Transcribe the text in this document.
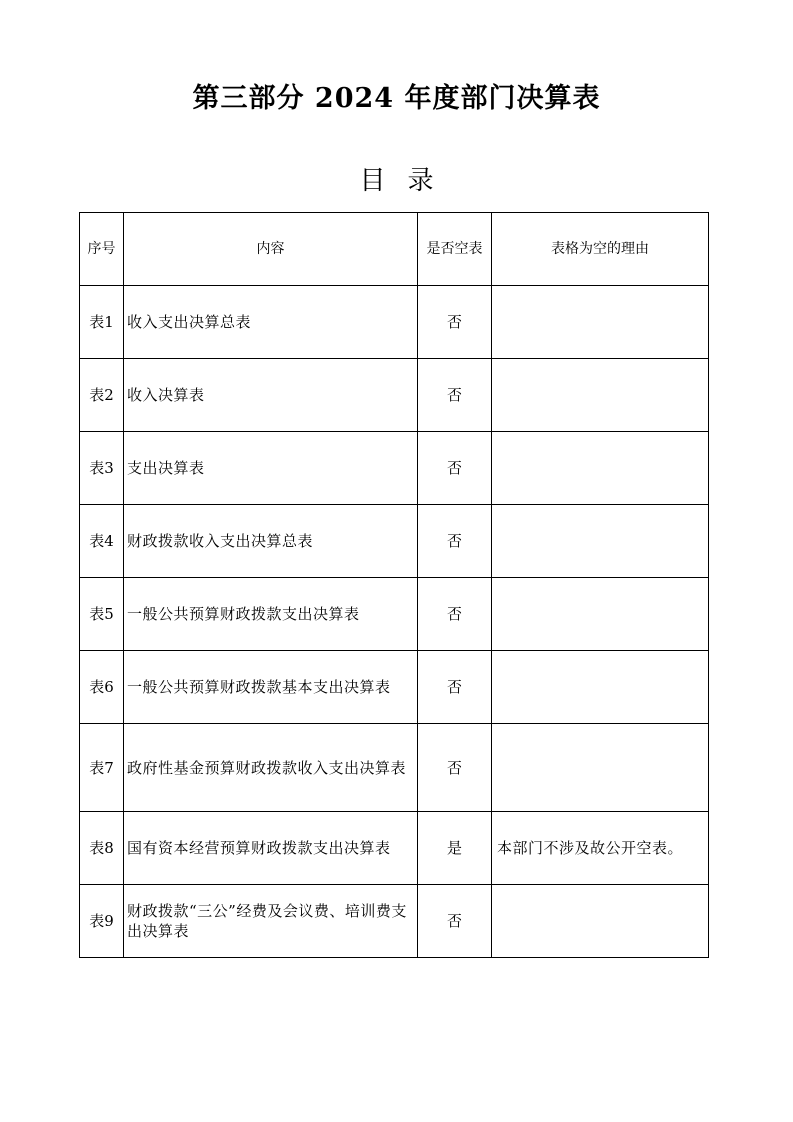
第三部分 2024 年度部门决算表
目录
序号	内容	是否空表	表格为空的理由
表1	收入支出决算总表	否	
表2	收入决算表	否	
表3	支出决算表	否	
表4	财政拨款收入支出决算总表	否	
表5	一般公共预算财政拨款支出决算表	否	
表6	一般公共预算财政拨款基本支出决算表	否	
表7	政府性基金预算财政拨款收入支出决算表	否	
表8	国有资本经营预算财政拨款支出决算表	是	本部门不涉及故公开空表。
表9	财政拨款“三公”经费及会议费、培训费支出决算表	否	
